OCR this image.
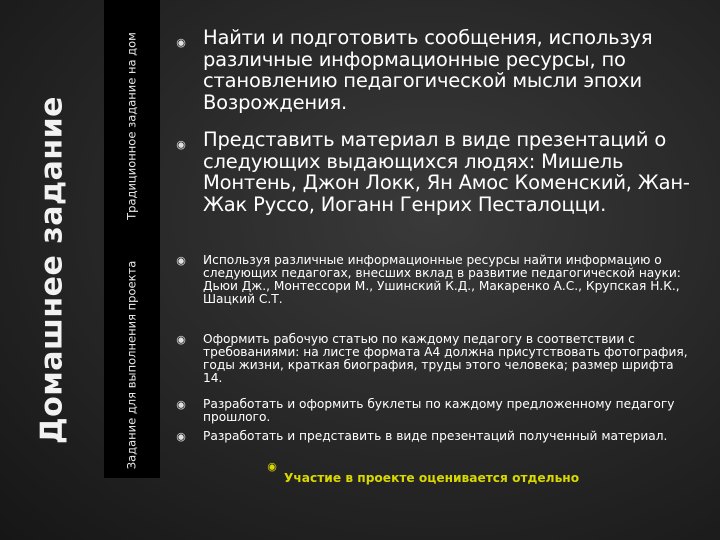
Домашнее задание	Традиционное задание на дом
Задание для выполнения проекта
◉ Найти и подготовить сообщения, используя различные информационные ресурсы, по становлению педагогической мысли эпохи Возрождения.

◉ Представить материал в виде презентаций о следующих выдающихся людях: Мишель Монтень, Джон Локк, Ян Амос Коменский, Жан-Жак Руссо, Иоганн Генрих Песталоцци.

◉ Используя различные информационные ресурсы найти информацию о следующих педагогах, внесших вклад в развитие педагогической науки: Дьюи Дж., Монтессори М., Ушинский К.Д., Макаренко А.С., Крупская Н.К., Шацкий С.Т.

◉ Оформить рабочую статью по каждому педагогу в соответствии с требованиями: на листе формата А4 должна присутствовать фотография, годы жизни, краткая биография, труды этого человека; размер шрифта 14.

◉ Разработать и оформить буклеты по каждому предложенному педагогу прошлого.

◉ Разработать и представить в виде презентаций полученный материал.

◉

Участие в проекте оценивается отдельно
